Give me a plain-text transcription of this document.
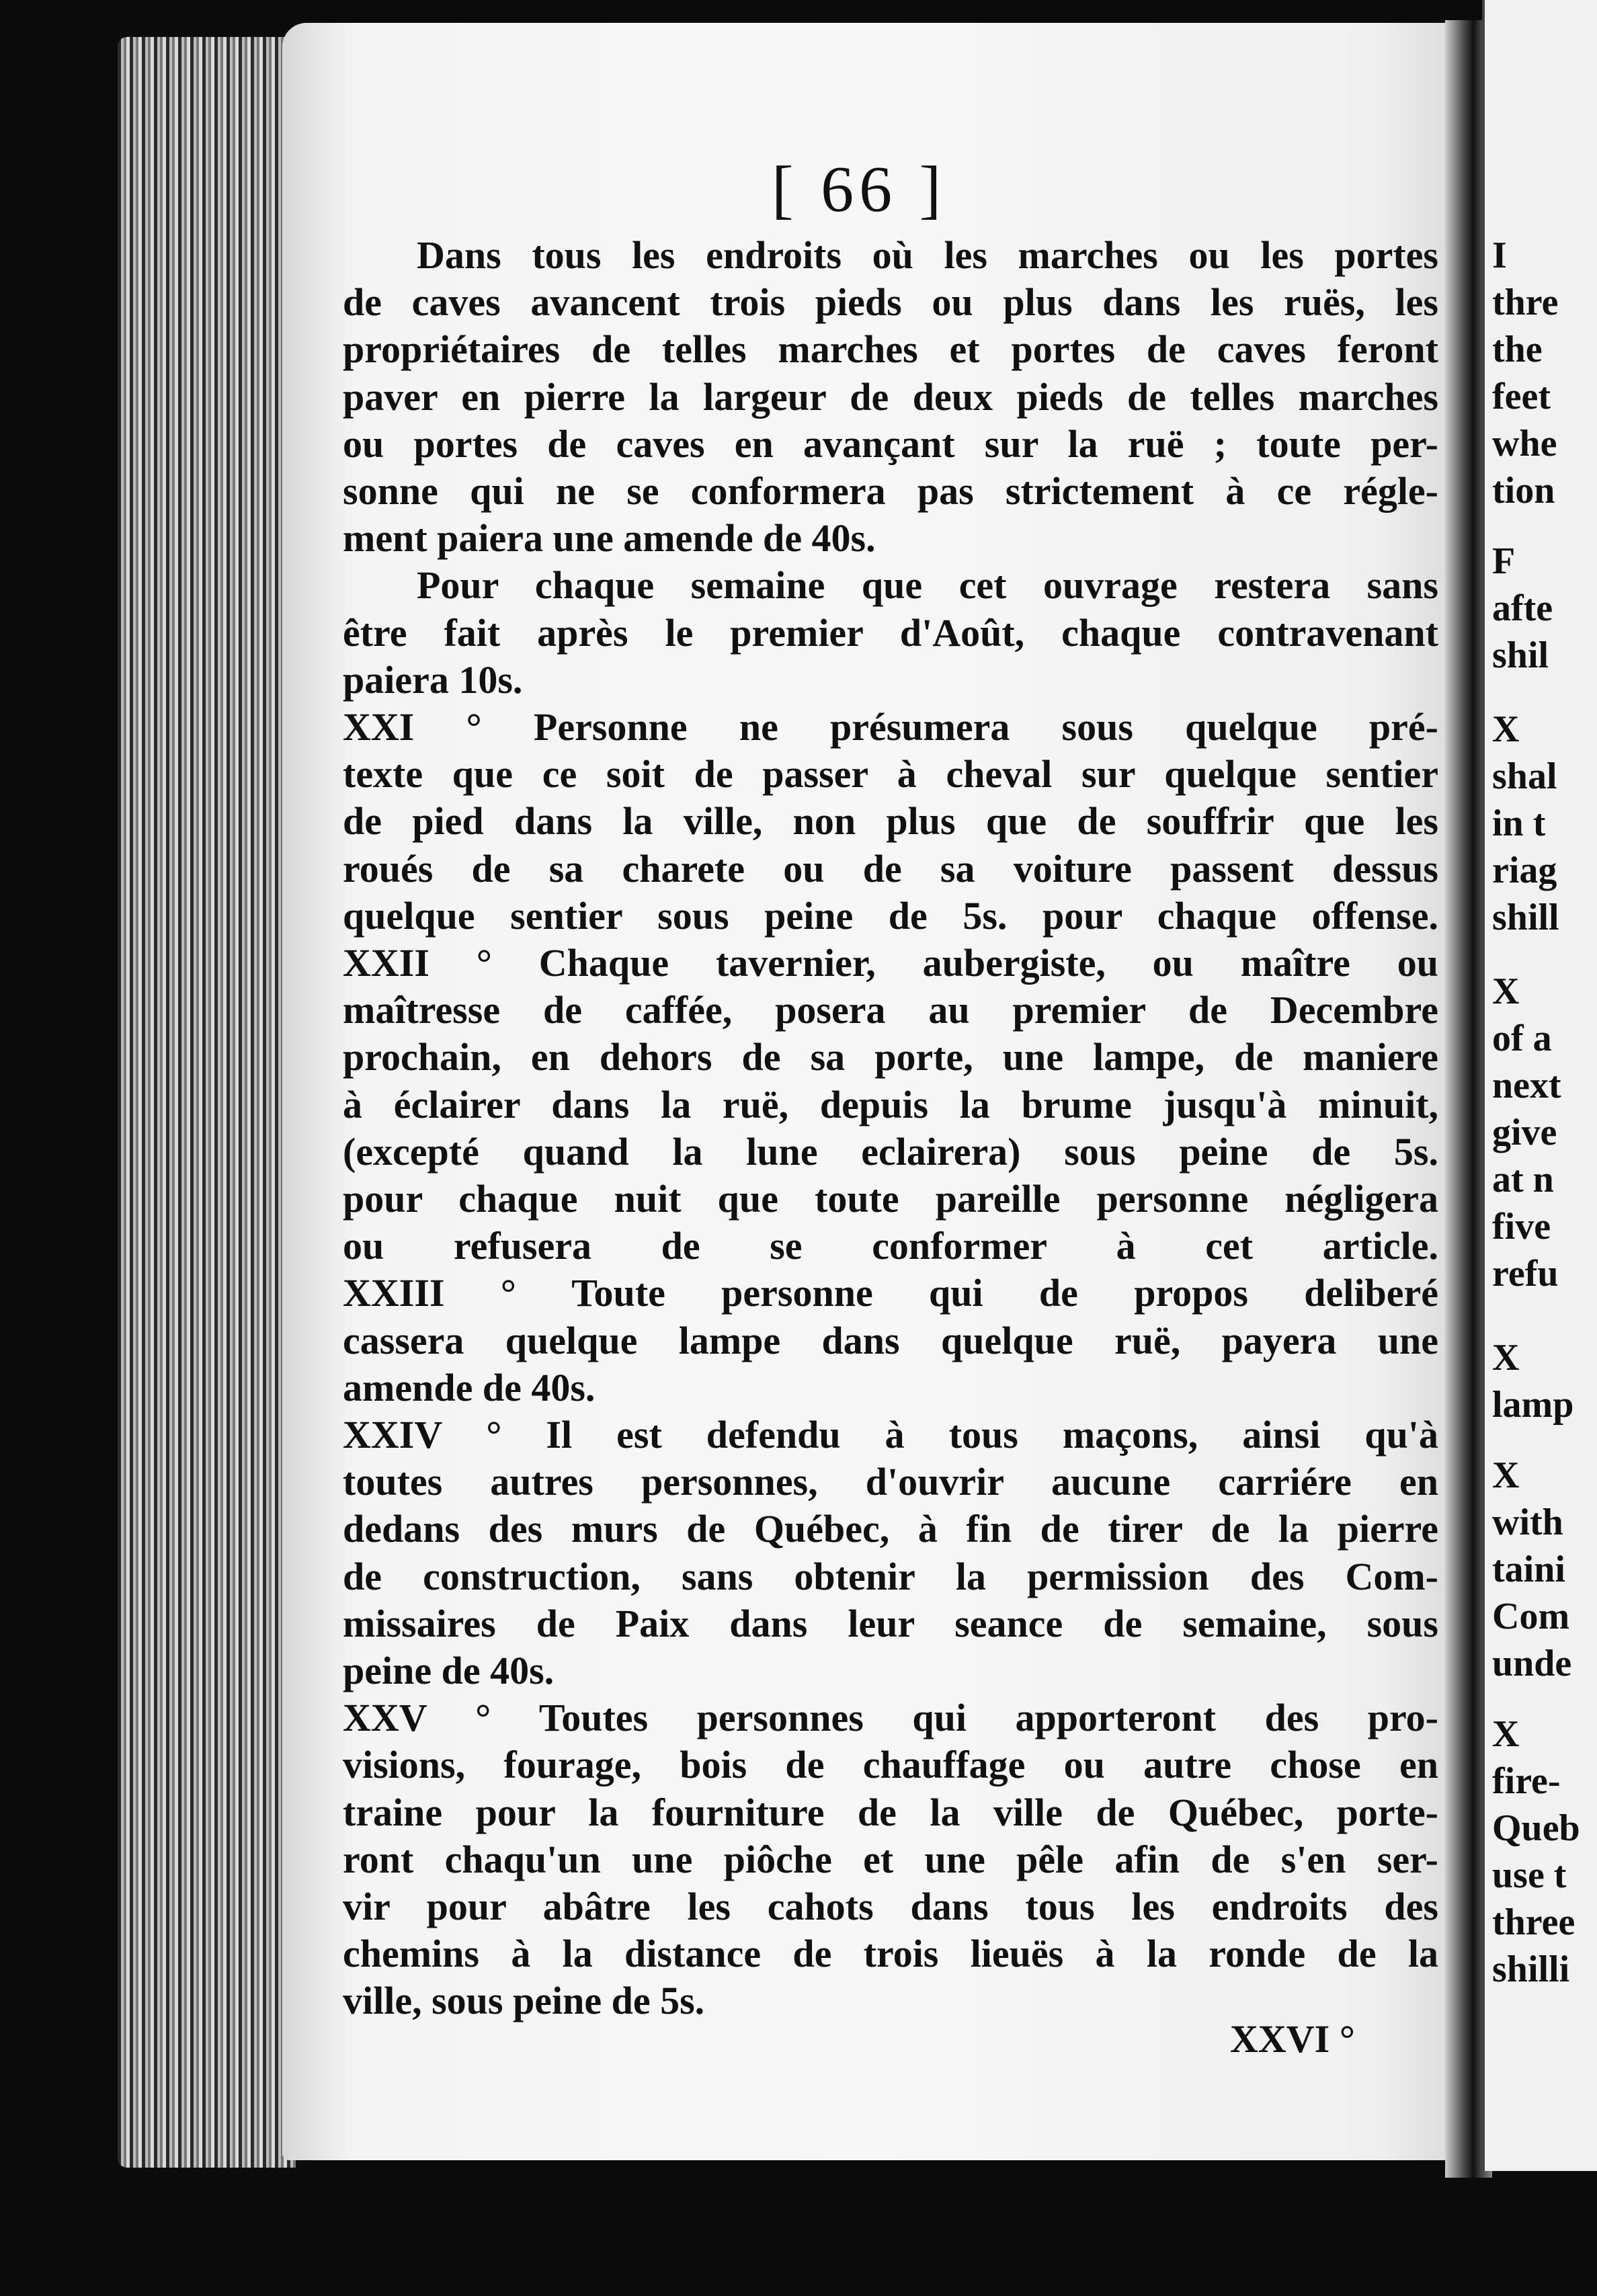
[ 66 ]
Dans tous les endroits où les marches ou les portes
de caves avancent trois pieds ou plus dans les ruës, les
propriétaires de telles marches et portes de caves feront
paver en pierre la largeur de deux pieds de telles marches
ou portes de caves en avançant sur la ruë ; toute per-
sonne qui ne se conformera pas strictement à ce régle-
ment paiera une amende de 40s.
Pour chaque semaine que cet ouvrage restera sans
être fait après le premier d'Août, chaque contravenant
paiera 10s.
XXI ° Personne ne présumera sous quelque pré-
texte que ce soit de passer à cheval sur quelque sentier
de pied dans la ville, non plus que de souffrir que les
roués de sa charete ou de sa voiture passent dessus
quelque sentier sous peine de 5s. pour chaque offense.
XXII ° Chaque tavernier, aubergiste, ou maître ou
maîtresse de caffée, posera au premier de Decembre
prochain, en dehors de sa porte, une lampe, de maniere
à éclairer dans la ruë, depuis la brume jusqu'à minuit,
(excepté quand la lune eclairera) sous peine de 5s.
pour chaque nuit que toute pareille personne négligera
ou refusera de se conformer à cet article.
XXIII ° Toute personne qui de propos deliberé
cassera quelque lampe dans quelque ruë, payera une
amende de 40s.
XXIV ° Il est defendu à tous maçons, ainsi qu'à
toutes autres personnes, d'ouvrir aucune carriére en
dedans des murs de Québec, à fin de tirer de la pierre
de construction, sans obtenir la permission des Com-
missaires de Paix dans leur seance de semaine, sous
peine de 40s.
XXV ° Toutes personnes qui apporteront des pro-
visions, fourage, bois de chauffage ou autre chose en
traine pour la fourniture de la ville de Québec, porte-
ront chaqu'un une piôche et une pêle afin de s'en ser-
vir pour abâtre les cahots dans tous les endroits des
chemins à la distance de trois lieuës à la ronde de la
ville, sous peine de 5s.
XXVI °
I
thre
the
feet
whe
tion
F
afte
shil
X
shal
in t
riag
shill
X
of a
next
give
at n
five
refu
X
lamp
X
with
taini
Com
unde
X
fire-
Queb
use t
three
shilli
